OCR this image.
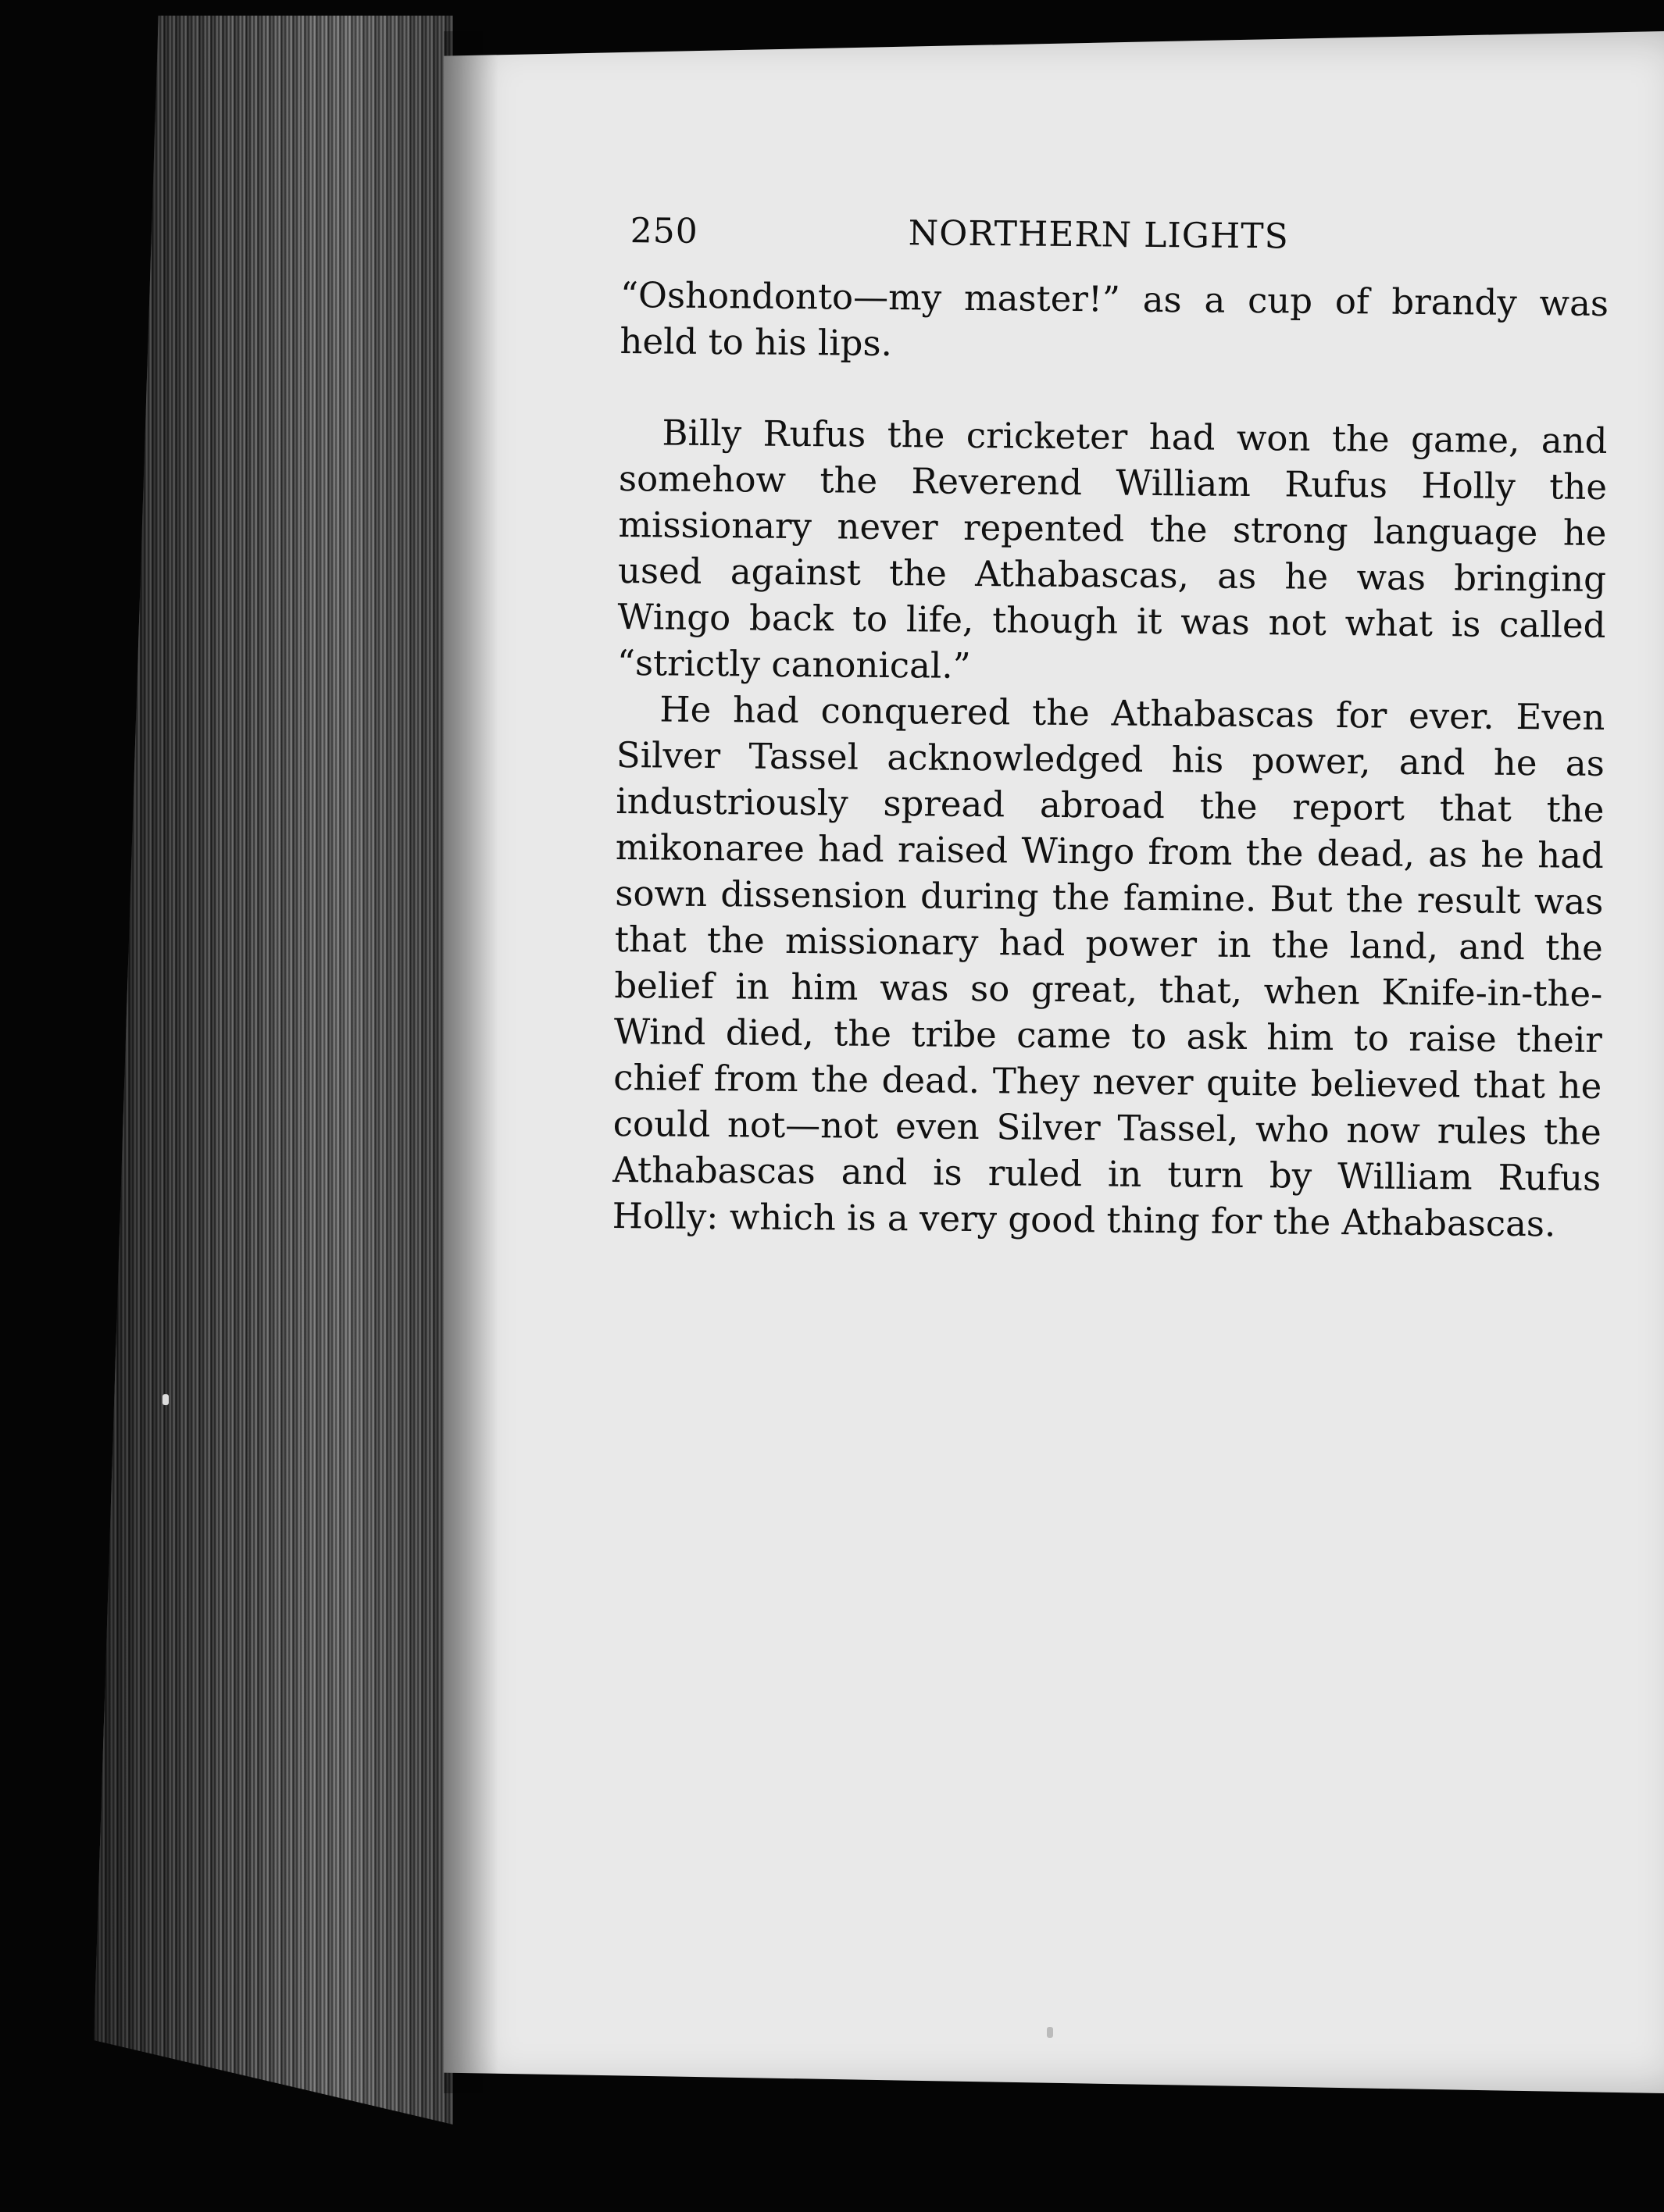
250	NORTHERN LIGHTS

“Oshondonto—my master!” as a cup of brandy was held to his lips.

Billy Rufus the cricketer had won the game, and somehow the Reverend William Rufus Holly the missionary never repented the strong language he used against the Athabascas, as he was bringing Wingo back to life, though it was not what is called “strictly canonical.”

He had conquered the Athabascas for ever. Even Silver Tassel acknowledged his power, and he as industriously spread abroad the report that the mikonaree had raised Wingo from the dead, as he had sown dissension during the famine. But the result was that the missionary had power in the land, and the belief in him was so great, that, when Knife-in-the-Wind died, the tribe came to ask him to raise their chief from the dead. They never quite believed that he could not—not even Silver Tassel, who now rules the Athabascas and is ruled in turn by William Rufus Holly: which is a very good thing for the Athabascas.
